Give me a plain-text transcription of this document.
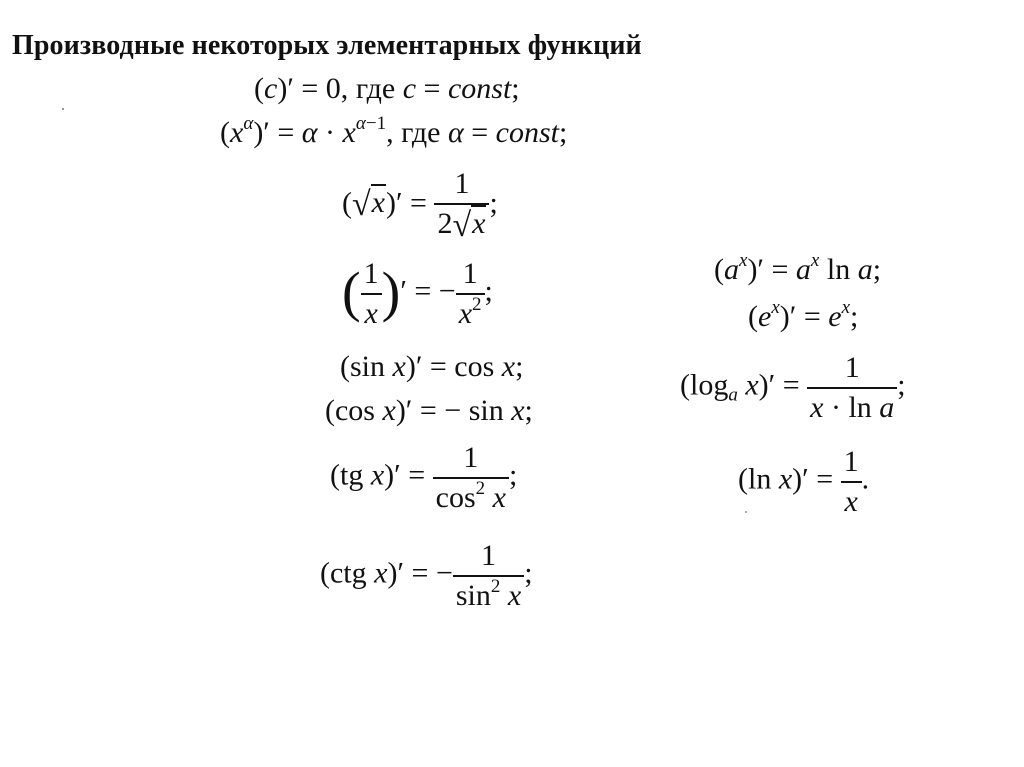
Производные некоторых элементарных функций
(c)′ = 0, где c = const;
$(x^\alpha)' = \alpha \cdot x^{\alpha-1}$, где α = const;
$(√x)' = \frac{1}{2√x}$ ;
( $\frac{1}{x}$ )′ = − $\frac{1}{x^2}$ ;
(sin x)′ = cos x;
(cos x)′ = − sin x;
(tg $x)' = \frac{1}{\cos^2 x}$ ;
(ctg x)′ = − $\frac{1}{\sin^2 x}$ ;
$(a^x)' = a^x$ ln a;
$(e^x)' = e^x$;
($\log_a$ $x)' = \frac{1}{\text{x · ln a}}$ ;
(ln $x)' = \frac{1}{x}$ .
